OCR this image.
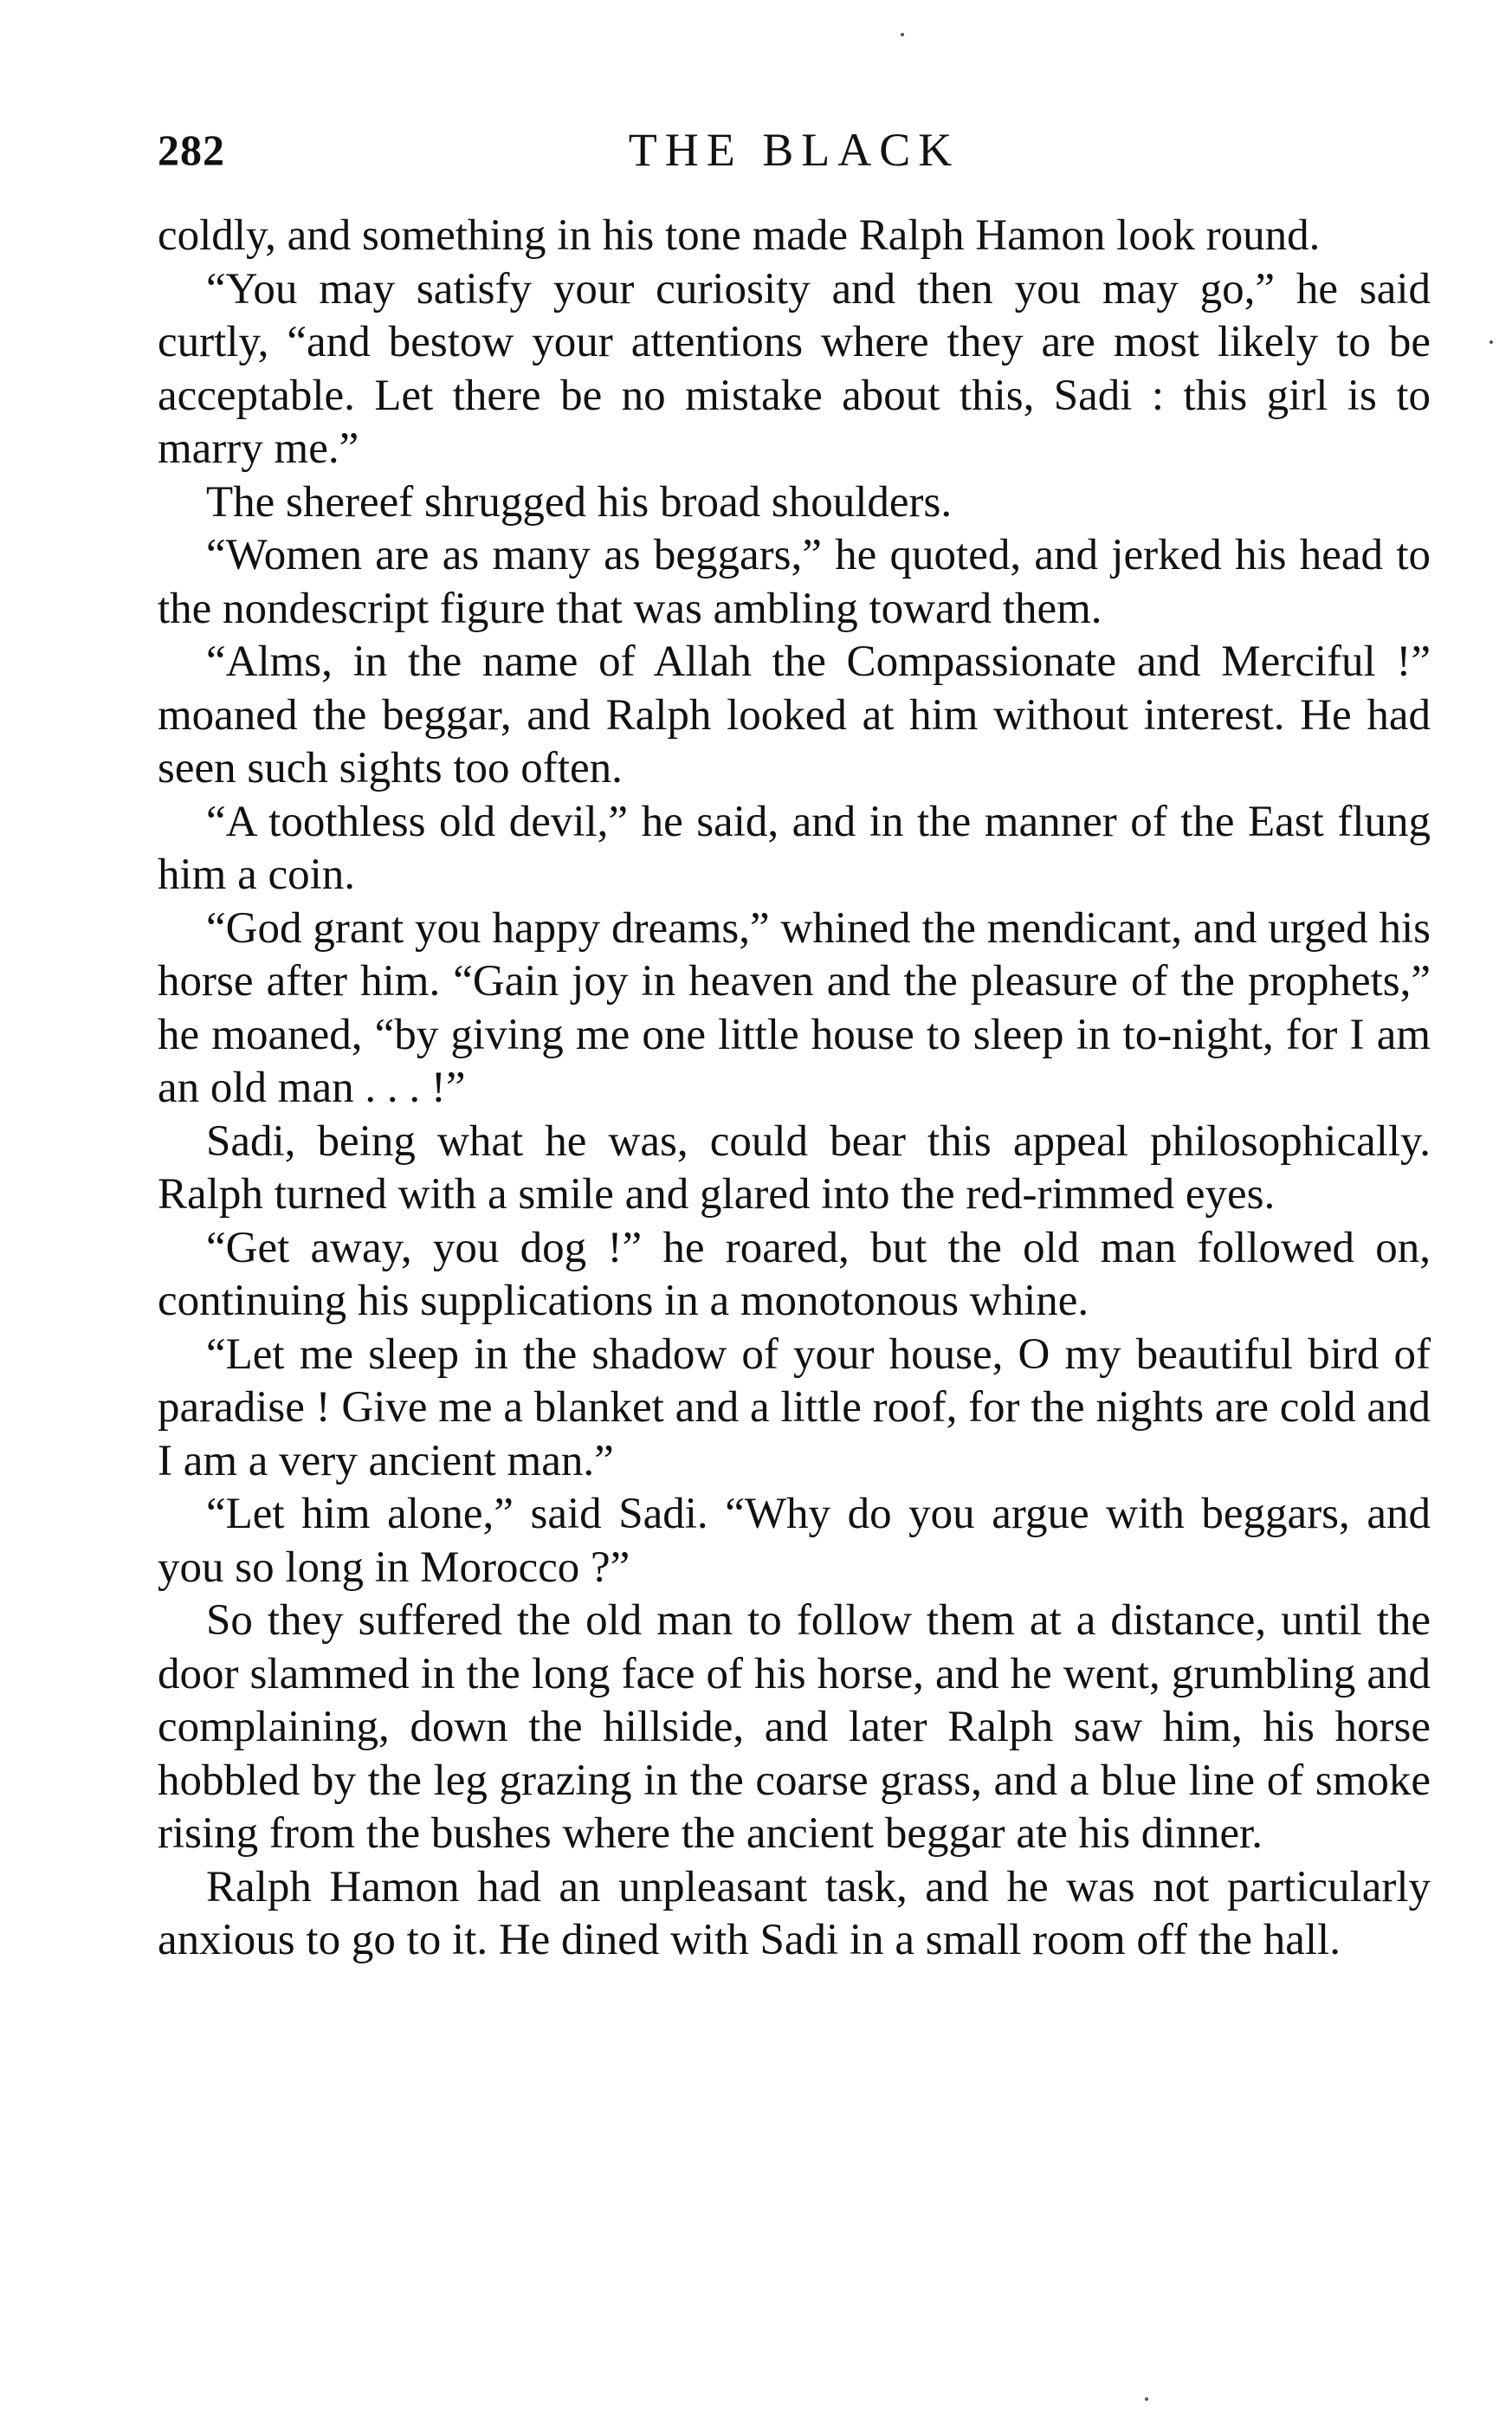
282	THE BLACK

coldly, and something in his tone made Ralph Hamon look round.

“You may satisfy your curiosity and then you may go,” he said curtly, “and bestow your attentions where they are most likely to be acceptable. Let there be no mistake about this, Sadi : this girl is to marry me.”

The shereef shrugged his broad shoulders.

“Women are as many as beggars,” he quoted, and jerked his head to the nondescript figure that was ambling toward them.

“Alms, in the name of Allah the Compassionate and Merciful !” moaned the beggar, and Ralph looked at him without interest. He had seen such sights too often.

“A toothless old devil,” he said, and in the manner of the East flung him a coin.

“God grant you happy dreams,” whined the mendicant, and urged his horse after him. “Gain joy in heaven and the pleasure of the prophets,” he moaned, “by giving me one little house to sleep in to-night, for I am an old man . . . !”

Sadi, being what he was, could bear this appeal philosophically. Ralph turned with a smile and glared into the red-rimmed eyes.

“Get away, you dog !” he roared, but the old man followed on, continuing his supplications in a monotonous whine.

“Let me sleep in the shadow of your house, O my beautiful bird of paradise ! Give me a blanket and a little roof, for the nights are cold and I am a very ancient man.”

“Let him alone,” said Sadi. “Why do you argue with beggars, and you so long in Morocco ?”

So they suffered the old man to follow them at a distance, until the door slammed in the long face of his horse, and he went, grumbling and complaining, down the hillside, and later Ralph saw him, his horse hobbled by the leg grazing in the coarse grass, and a blue line of smoke rising from the bushes where the ancient beggar ate his dinner.

Ralph Hamon had an unpleasant task, and he was not particularly anxious to go to it. He dined with Sadi in a small room off the hall.
